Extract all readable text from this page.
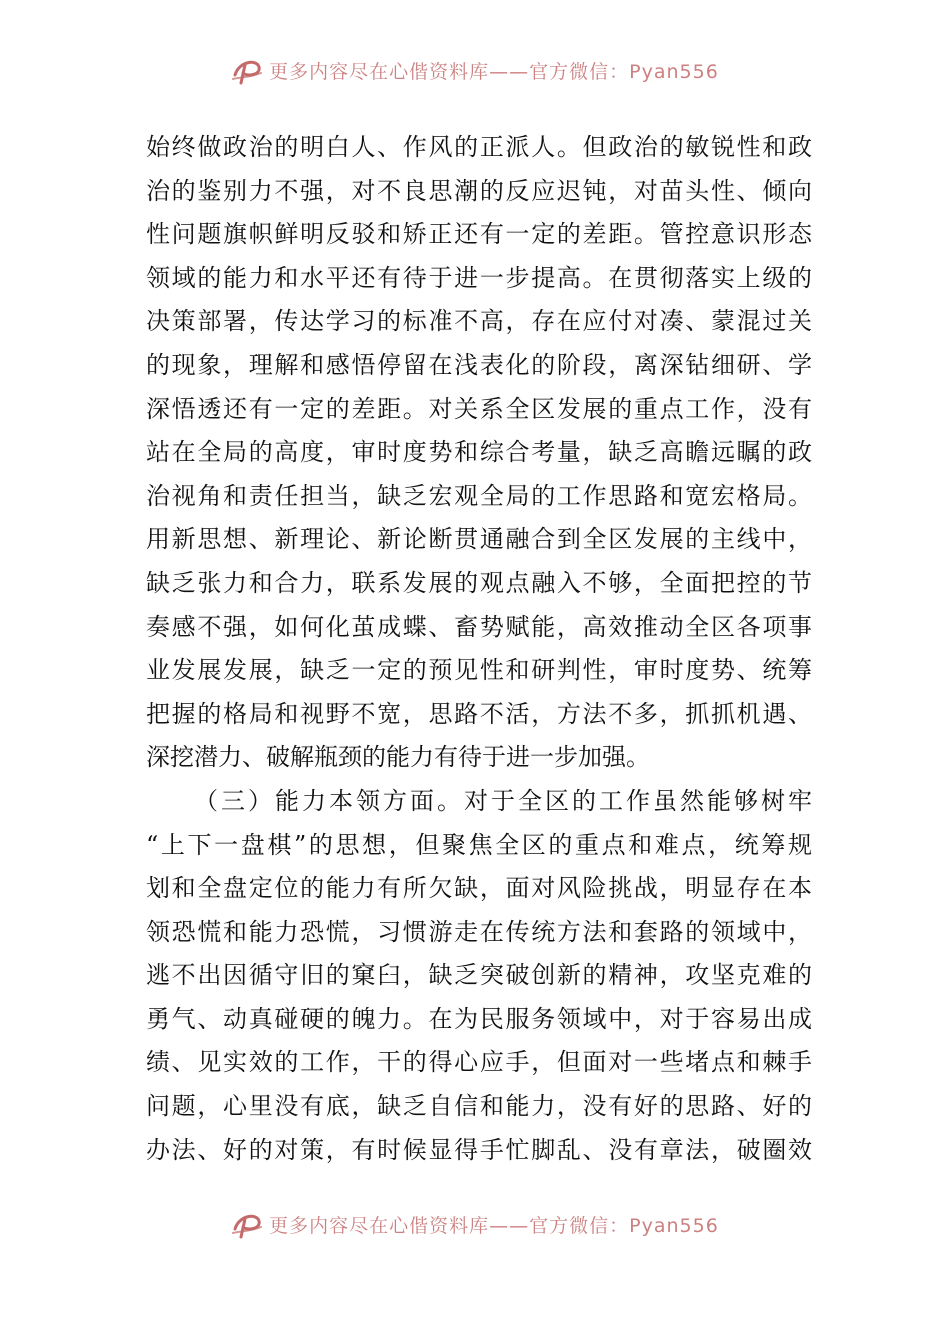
更多内容尽在心偕资料库——官方微信：Pyan556
始终做政治的明白人、作风的正派人。但政治的敏锐性和政
治的鉴别力不强，对不良思潮的反应迟钝，对苗头性、倾向
性问题旗帜鲜明反驳和矫正还有一定的差距。管控意识形态
领域的能力和水平还有待于进一步提高。在贯彻落实上级的
决策部署，传达学习的标准不高，存在应付对凑、蒙混过关
的现象，理解和感悟停留在浅表化的阶段，离深钻细研、学
深悟透还有一定的差距。对关系全区发展的重点工作，没有
站在全局的高度，审时度势和综合考量，缺乏高瞻远瞩的政
治视角和责任担当，缺乏宏观全局的工作思路和宽宏格局。
用新思想、新理论、新论断贯通融合到全区发展的主线中，
缺乏张力和合力，联系发展的观点融入不够，全面把控的节
奏感不强，如何化茧成蝶、畜势赋能，高效推动全区各项事
业发展发展，缺乏一定的预见性和研判性，审时度势、统筹
把握的格局和视野不宽，思路不活，方法不多，抓抓机遇、
深挖潜力、破解瓶颈的能力有待于进一步加强。
（三）能力本领方面。对于全区的工作虽然能够树牢
“上下一盘棋”的思想，但聚焦全区的重点和难点，统筹规
划和全盘定位的能力有所欠缺，面对风险挑战，明显存在本
领恐慌和能力恐慌，习惯游走在传统方法和套路的领域中，
逃不出因循守旧的窠臼，缺乏突破创新的精神，攻坚克难的
勇气、动真碰硬的魄力。在为民服务领域中，对于容易出成
绩、见实效的工作，干的得心应手，但面对一些堵点和棘手
问题，心里没有底，缺乏自信和能力，没有好的思路、好的
办法、好的对策，有时候显得手忙脚乱、没有章法，破圈效
更多内容尽在心偕资料库——官方微信：Pyan556
